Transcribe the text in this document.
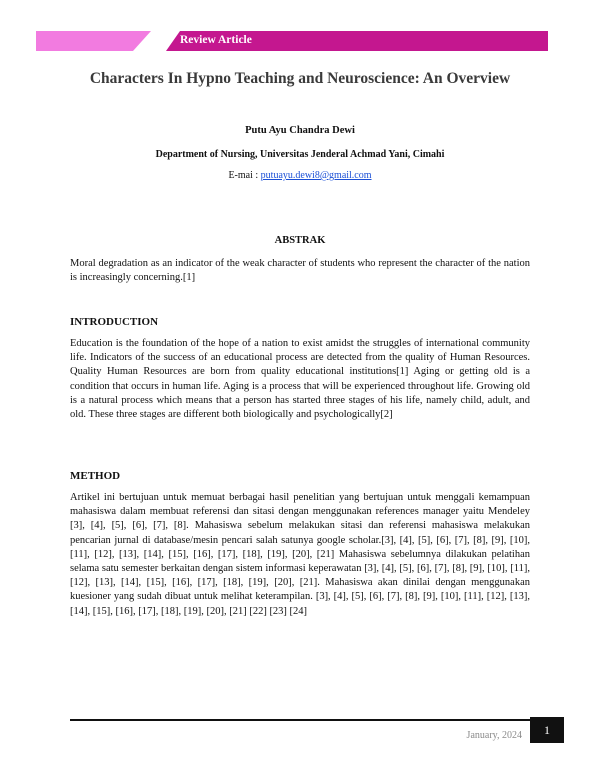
Review Article
Characters In Hypno Teaching and Neuroscience: An Overview
Putu Ayu Chandra Dewi
Department of Nursing, Universitas Jenderal Achmad Yani, Cimahi
E-mai : putuayu.dewi8@gmail.com
ABSTRAK
Moral degradation as an indicator of the weak character of students who represent the character of the nation is increasingly concerning.[1]
INTRODUCTION
Education is the foundation of the hope of a nation to exist amidst the struggles of international community life. Indicators of the success of an educational process are detected from the quality of Human Resources. Quality Human Resources are born from quality educational institutions[1] Aging or getting old is a condition that occurs in human life. Aging is a process that will be experienced throughout life. Growing old is a natural process which means that a person has started three stages of his life, namely child, adult, and old. These three stages are different both biologically and psychologically[2]
METHOD
Artikel ini bertujuan untuk memuat berbagai hasil penelitian yang bertujuan untuk menggali kemampuan mahasiswa dalam membuat referensi dan sitasi dengan menggunakan references manager yaitu Mendeley [3], [4], [5], [6], [7], [8]. Mahasiswa sebelum melakukan sitasi dan referensi mahasiswa melakukan pencarian jurnal di database/mesin pencari salah satunya google scholar.[3], [4], [5], [6], [7], [8], [9], [10], [11], [12], [13], [14], [15], [16], [17], [18], [19], [20], [21] Mahasiswa sebelumnya dilakukan pelatihan selama satu semester berkaitan dengan sistem informasi keperawatan [3], [4], [5], [6], [7], [8], [9], [10], [11], [12], [13], [14], [15], [16], [17], [18], [19], [20], [21]. Mahasiswa akan dinilai dengan menggunakan kuesioner yang sudah dibuat untuk melihat keterampilan. [3], [4], [5], [6], [7], [8], [9], [10], [11], [12], [13], [14], [15], [16], [17], [18], [19], [20], [21] [22] [23] [24]
January, 2024	1
